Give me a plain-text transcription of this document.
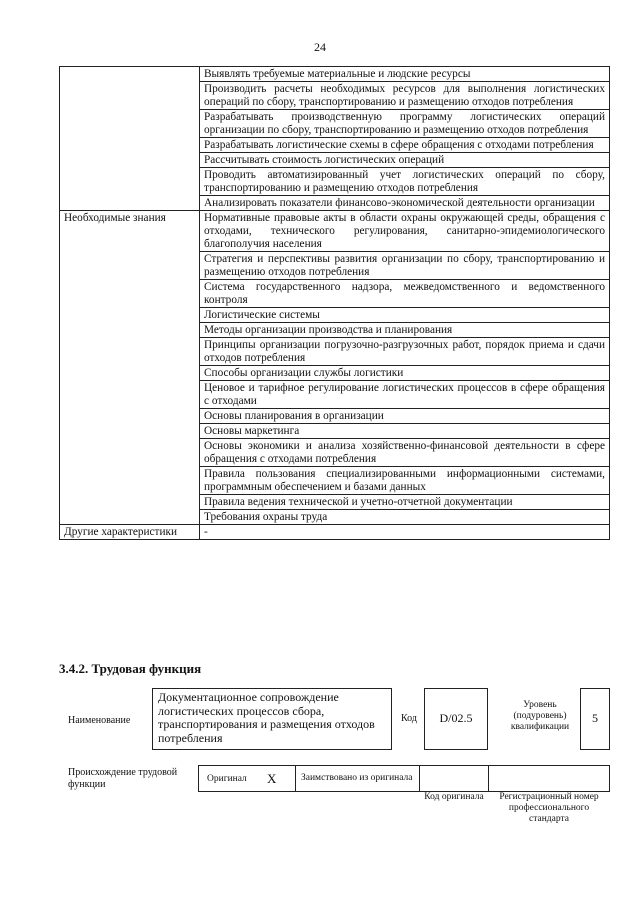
24
	Выявлять требуемые материальные и людские ресурсы
	Производить расчеты необходимых ресурсов для выполнения логистических операций по сбору, транспортированию и размещению отходов потребления
	Разрабатывать производственную программу логистических операций организации по сбору, транспортированию и размещению отходов потребления
	Разрабатывать логистические схемы в сфере обращения с отходами потребления
	Рассчитывать стоимость логистических операций
	Проводить автоматизированный учет логистических операций по сбору, транспортированию и размещению отходов потребления
	Анализировать показатели финансово-экономической деятельности организации
Необходимые знания	Нормативные правовые акты в области охраны окружающей среды, обращения с отходами, технического регулирования, санитарно-эпидемиологического благополучия населения
	Стратегия и перспективы развития организации по сбору, транспортированию и размещению отходов потребления
	Система государственного надзора, межведомственного и ведомственного контроля
	Логистические системы
	Методы организации производства и планирования
	Принципы организации погрузочно-разгрузочных работ, порядок приема и сдачи отходов потребления
	Способы организации службы логистики
	Ценовое и тарифное регулирование логистических процессов в сфере обращения с отходами
	Основы планирования в организации
	Основы маркетинга
	Основы экономики и анализа хозяйственно-финансовой деятельности в сфере обращения с отходами потребления
	Правила пользования специализированными информационными системами, программным обеспечением и базами данных
	Правила ведения технической и учетно-отчетной документации
	Требования охраны труда
Другие характеристики	-
3.4.2. Трудовая функция
Наименование
Документационное сопровождение логистических процессов сбора, транспортирования и размещения отходов потребления
Код	D/02.5
Уровень (подуровень) квалификации
5
Происхождение трудовой функции	Оригинал X	Заимствовано из оригинала
Код оригинала	Регистрационный номер профессионального стандарта
